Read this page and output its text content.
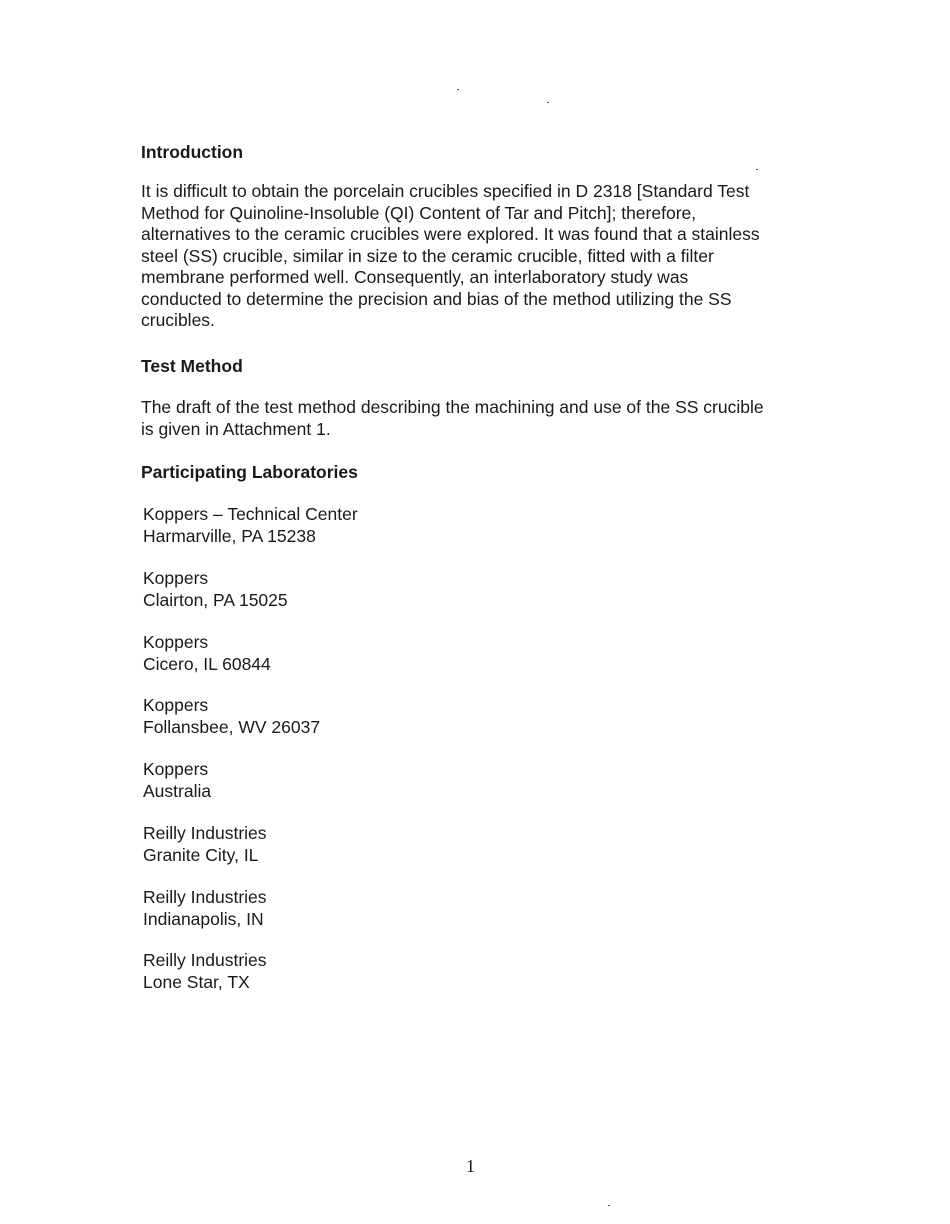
Introduction

It is difficult to obtain the porcelain crucibles specified in D 2318 [Standard Test
Method for Quinoline-Insoluble (QI) Content of Tar and Pitch]; therefore,
alternatives to the ceramic crucibles were explored. It was found that a stainless
steel (SS) crucible, similar in size to the ceramic crucible, fitted with a filter
membrane performed well. Consequently, an interlaboratory study was
conducted to determine the precision and bias of the method utilizing the SS
crucibles.

Test Method

The draft of the test method describing the machining and use of the SS crucible
is given in Attachment 1.

Participating Laboratories
Koppers – Technical Center
Harmarville, PA 15238
Koppers
Clairton, PA 15025
Koppers
Cicero, IL 60844
Koppers
Follansbee, WV 26037
Koppers
Australia
Reilly Industries
Granite City, IL
Reilly Industries
Indianapolis, IN
Reilly Industries
Lone Star, TX
1
